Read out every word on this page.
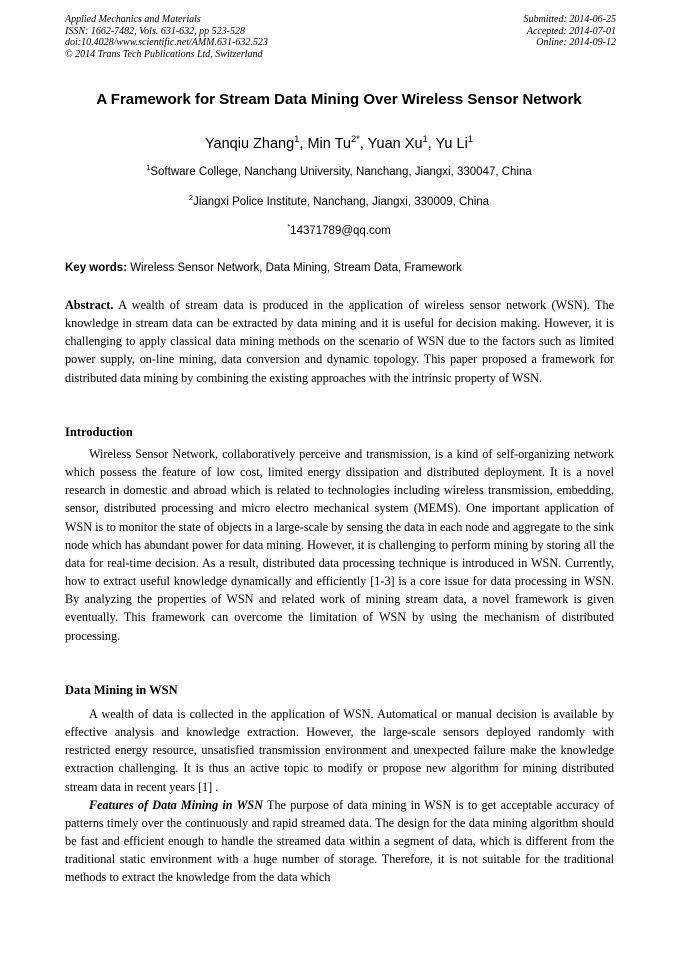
Applied Mechanics and Materials
ISSN: 1662-7482, Vols. 631-632, pp 523-528
doi:10.4028/www.scientific.net/AMM.631-632.523
© 2014 Trans Tech Publications Ltd, Switzerland
Submitted: 2014-06-25
Accepted: 2014-07-01
Online: 2014-09-12
A Framework for Stream Data Mining Over Wireless Sensor Network
Yanqiu Zhang$^1$, Min $Tu^{2*}$, Yuan Xu$^1$, Yu Li$^1$
$^1$Software College, Nanchang University, Nanchang, Jiangxi, 330047, China
$^2$Jiangxi Police Institute, Nanchang, Jiangxi, 330009, China
*14371789@qq.com
Key words: Wireless Sensor Network, Data Mining, Stream Data, Framework

Abstract. A wealth of stream data is produced in the application of wireless sensor network (WSN). The knowledge in stream data can be extracted by data mining and it is useful for decision making. However, it is challenging to apply classical data mining methods on the scenario of WSN due to the factors such as limited power supply, on-line mining, data conversion and dynamic topology. This paper proposed a framework for distributed data mining by combining the existing approaches with the intrinsic property of WSN.

Introduction

Wireless Sensor Network, collaboratively perceive and transmission, is a kind of self-organizing network which possess the feature of low cost, limited energy dissipation and distributed deployment. It is a novel research in domestic and abroad which is related to technologies including wireless transmission, embedding, sensor, distributed processing and micro electro mechanical system (MEMS). One important application of WSN is to monitor the state of objects in a large-scale by sensing the data in each node and aggregate to the sink node which has abundant power for data mining. However, it is challenging to perform mining by storing all the data for real-time decision. As a result, distributed data processing technique is introduced in WSN. Currently, how to extract useful knowledge dynamically and efficiently [1-3] is a core issue for data processing in WSN. By analyzing the properties of WSN and related work of mining stream data, a novel framework is given eventually. This framework can overcome the limitation of WSN by using the mechanism of distributed processing.

Data Mining in WSN

A wealth of data is collected in the application of WSN. Automatical or manual decision is available by effective analysis and knowledge extraction. However, the large-scale sensors deployed randomly with restricted energy resource, unsatisfied transmission environment and unexpected failure make the knowledge extraction challenging. It is thus an active topic to modify or propose new algorithm for mining distributed stream data in recent years [1] .

Features of Data Mining in WSN The purpose of data mining in WSN is to get acceptable accuracy of patterns timely over the continuously and rapid streamed data. The design for the data mining algorithm should be fast and efficient enough to handle the streamed data within a segment of data, which is different from the traditional static environment with a huge number of storage. Therefore, it is not suitable for the traditional methods to extract the knowledge from the data which
